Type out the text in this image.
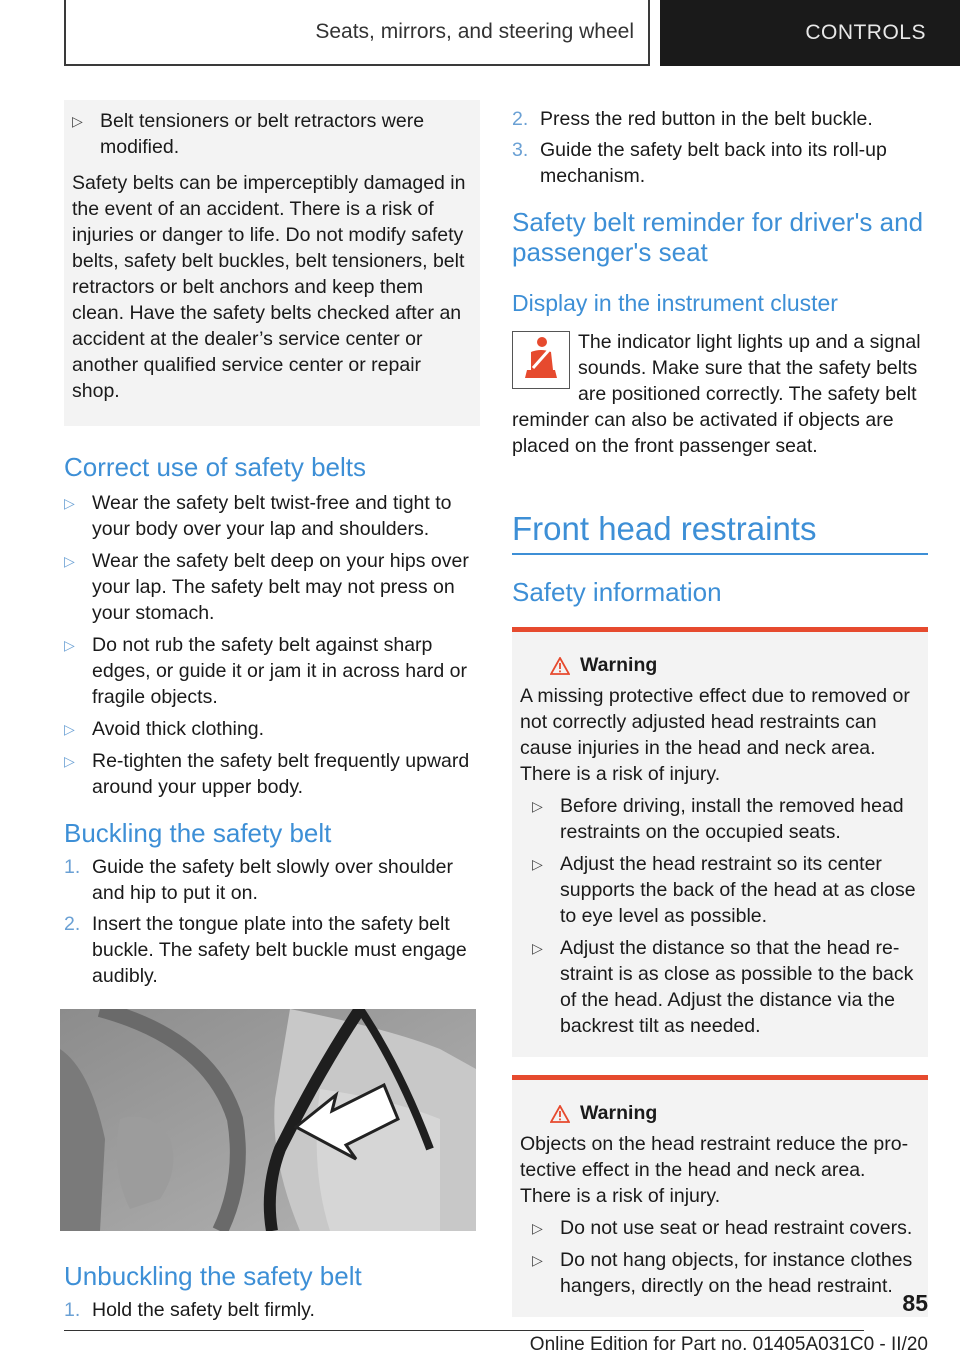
Seats, mirrors, and steering wheel	CONTROLS
▷ Belt tensioners or belt retractors were modified.

Safety belts can be imperceptibly damaged in the event of an accident. There is a risk of injuries or danger to life. Do not modify safety belts, safety belt buckles, belt tensioners, belt retractors or belt anchors and keep them clean. Have the safety belts checked after an accident at the dealer’s service center or another qualified service center or repair shop.

Correct use of safety belts
▷ Wear the safety belt twist-free and tight to your body over your lap and shoulders.
▷ Wear the safety belt deep on your hips over your lap. The safety belt may not press on your stomach.
▷ Do not rub the safety belt against sharp edges, or guide it or jam it in across hard or fragile objects.
▷ Avoid thick clothing.
▷ Re-tighten the safety belt frequently upward around your upper body.
Buckling the safety belt
1. Guide the safety belt slowly over shoulder and hip to put it on.
2. Insert the tongue plate into the safety belt buckle. The safety belt buckle must engage audibly.
Unbuckling the safety belt
1. Hold the safety belt firmly.
2. Press the red button in the belt buckle.
3. Guide the safety belt back into its roll-up mechanism.
Safety belt reminder for driver's and passenger's seat
Display in the instrument cluster

The indicator light lights up and a signal sounds. Make sure that the safety belts are positioned correctly. The safety belt reminder can also be activated if objects are placed on the front passenger seat.

Front head restraints
Safety information
Warning

A missing protective effect due to removed or not correctly adjusted head restraints can cause injuries in the head and neck area. There is a risk of injury.

▷ Before driving, install the removed head restraints on the occupied seats.
▷ Adjust the head restraint so its center supports the back of the head at as close to eye level as possible.
▷ Adjust the distance so that the head restraint is as close as possible to the back of the head. Adjust the distance via the backrest tilt as needed.
Warning

Objects on the head restraint reduce the protective effect in the head and neck area. There is a risk of injury.

▷ Do not use seat or head restraint covers.
▷ Do not hang objects, for instance clothes hangers, directly on the head restraint.
85
Online Edition for Part no. 01405A031C0 - II/20
